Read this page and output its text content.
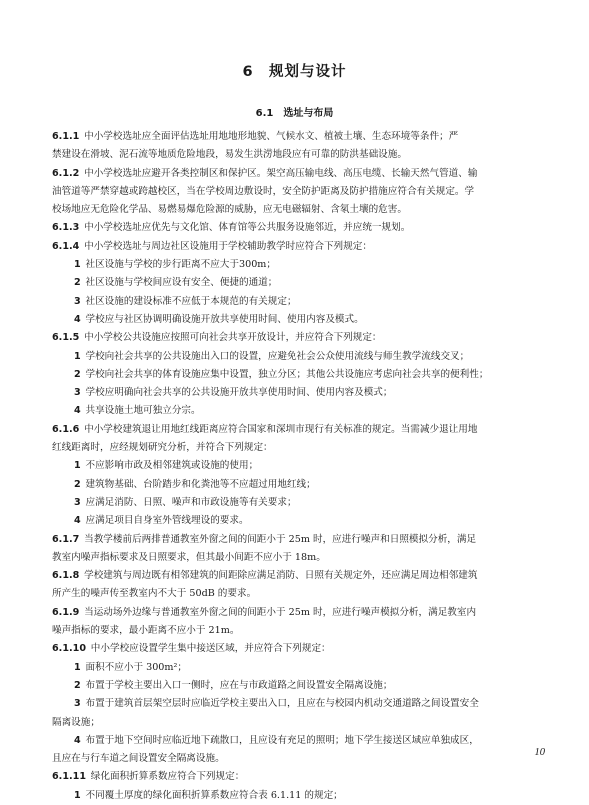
6　规划与设计
6.1　选址与布局
6.1.1  中小学校选址应全面评估选址用地地形地貌、气候水文、植被土壤、生态环境等条件；严
禁建设在滑坡、泥石流等地质危险地段，易发生洪涝地段应有可靠的防洪基础设施。
6.1.2  中小学校选址应避开各类控制区和保护区。架空高压输电线、高压电缆、长输天然气管道、输
油管道等严禁穿越或跨越校区，当在学校周边敷设时，安全防护距离及防护措施应符合有关规定。学
校场地应无危险化学品、易燃易爆危险源的威胁，应无电磁辐射、含氡土壤的危害。
6.1.3  中小学校选址应优先与文化馆、体育馆等公共服务设施邻近，并应统一规划。
6.1.4  中小学校选址与周边社区设施用于学校辅助教学时应符合下列规定：
1  社区设施与学校的步行距离不应大于300m；
2  社区设施与学校间应设有安全、便捷的通道；
3  社区设施的建设标准不应低于本规范的有关规定；
4  学校应与社区协调明确设施开放共享使用时间、使用内容及模式。
6.1.5  中小学校公共设施应按照可向社会共享开放设计，并应符合下列规定：
1  学校向社会共享的公共设施出入口的设置，应避免社会公众使用流线与师生教学流线交叉；
2  学校向社会共享的体育设施应集中设置，独立分区；其他公共设施应考虑向社会共享的便利性；
3  学校应明确向社会共享的公共设施开放共享使用时间、使用内容及模式；
4  共享设施土地可独立分宗。
6.1.6  中小学校建筑退让用地红线距离应符合国家和深圳市现行有关标准的规定。当需减少退让用地
红线距离时，应经规划研究分析，并符合下列规定：
1  不应影响市政及相邻建筑或设施的使用；
2  建筑物基础、台阶踏步和化粪池等不应超过用地红线；
3  应满足消防、日照、噪声和市政设施等有关要求；
4  应满足项目自身室外管线埋设的要求。
6.1.7  当教学楼前后两排普通教室外窗之间的间距小于 25m 时，应进行噪声和日照模拟分析，满足
教室内噪声指标要求及日照要求，但其最小间距不应小于 18m。
6.1.8  学校建筑与周边既有相邻建筑的间距除应满足消防、日照有关规定外，还应满足周边相邻建筑
所产生的噪声传至教室内不大于 50dB 的要求。
6.1.9  当运动场外边缘与普通教室外窗之间的间距小于 25m 时，应进行噪声模拟分析，满足教室内
噪声指标的要求，最小距离不应小于 21m。
6.1.10  中小学校应设置学生集中接送区域，并应符合下列规定：
1  面积不应小于 300m²；
2  布置于学校主要出入口一侧时，应在与市政道路之间设置安全隔离设施；
3  布置于建筑首层架空层时应临近学校主要出入口，且应在与校园内机动交通道路之间设置安全
隔离设施；
4  布置于地下空间时应临近地下疏散口，且应设有充足的照明；地下学生接送区域应单独成区，
且应在与行车道之间设置安全隔离设施。
6.1.11  绿化面积折算系数应符合下列规定：
1  不同覆土厚度的绿化面积折算系数应符合表 6.1.11 的规定；
10
